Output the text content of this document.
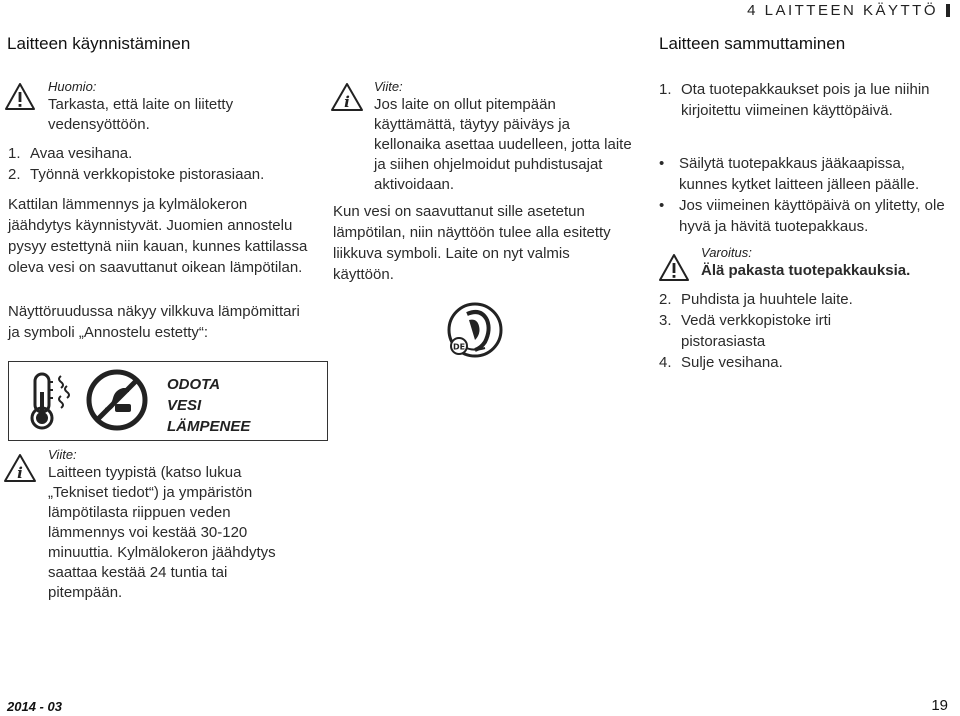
4 LAITTEEN KÄYTTÖ
Laitteen käynnistäminen
Huomio:
Tarkasta, että laite on liitetty vedensyöttöön.
1. Avaa vesihana.
2. Työnnä verkkopistoke pistorasiaan.
Kattilan lämmennys ja kylmälokeron jäähdytys käynnistyvät. Juomien annostelu pysyy estettynä niin kauan, kunnes kattilassa oleva vesi on saavuttanut oikean lämpötilan.
Näyttöruudussa näkyy vilkkuva lämpömittari ja symboli „Annostelu estetty“:
ODOTA
VESI
LÄMPENEE
i
Viite:
Laitteen tyypistä (katso lukua „Tekniset tiedot“) ja ympäristön lämpötilasta riippuen veden lämmennys voi kestää 30-120 minuuttia. Kylmälokeron jäähdytys saattaa kestää 24 tuntia tai pitempään.
i
Viite:
Jos laite on ollut pitempään käyttämättä, täytyy päiväys ja kellonaika asettaa uudelleen, jotta laite ja siihen ohjelmoidut puhdistusajat aktivoidaan.
Kun vesi on saavuttanut sille asetetun lämpötilan, niin näyttöön tulee alla esitetty liikkuva symboli. Laite on nyt valmis käyttöön.
DE
Laitteen sammuttaminen
1. Ota tuotepakkaukset pois ja lue niihin kirjoitettu viimeinen käyttöpäivä.
• Säilytä tuotepakkaus jääkaapissa, kunnes kytket laitteen jälleen päälle.
• Jos viimeinen käyttöpäivä on ylitetty, ole hyvä ja hävitä tuotepakkaus.
Varoitus:
Älä pakasta tuotepakkauksia.
2. Puhdista ja huuhtele laite.
3. Vedä verkkopistoke irti pistorasiasta
4. Sulje vesihana.
2014 - 03	19
